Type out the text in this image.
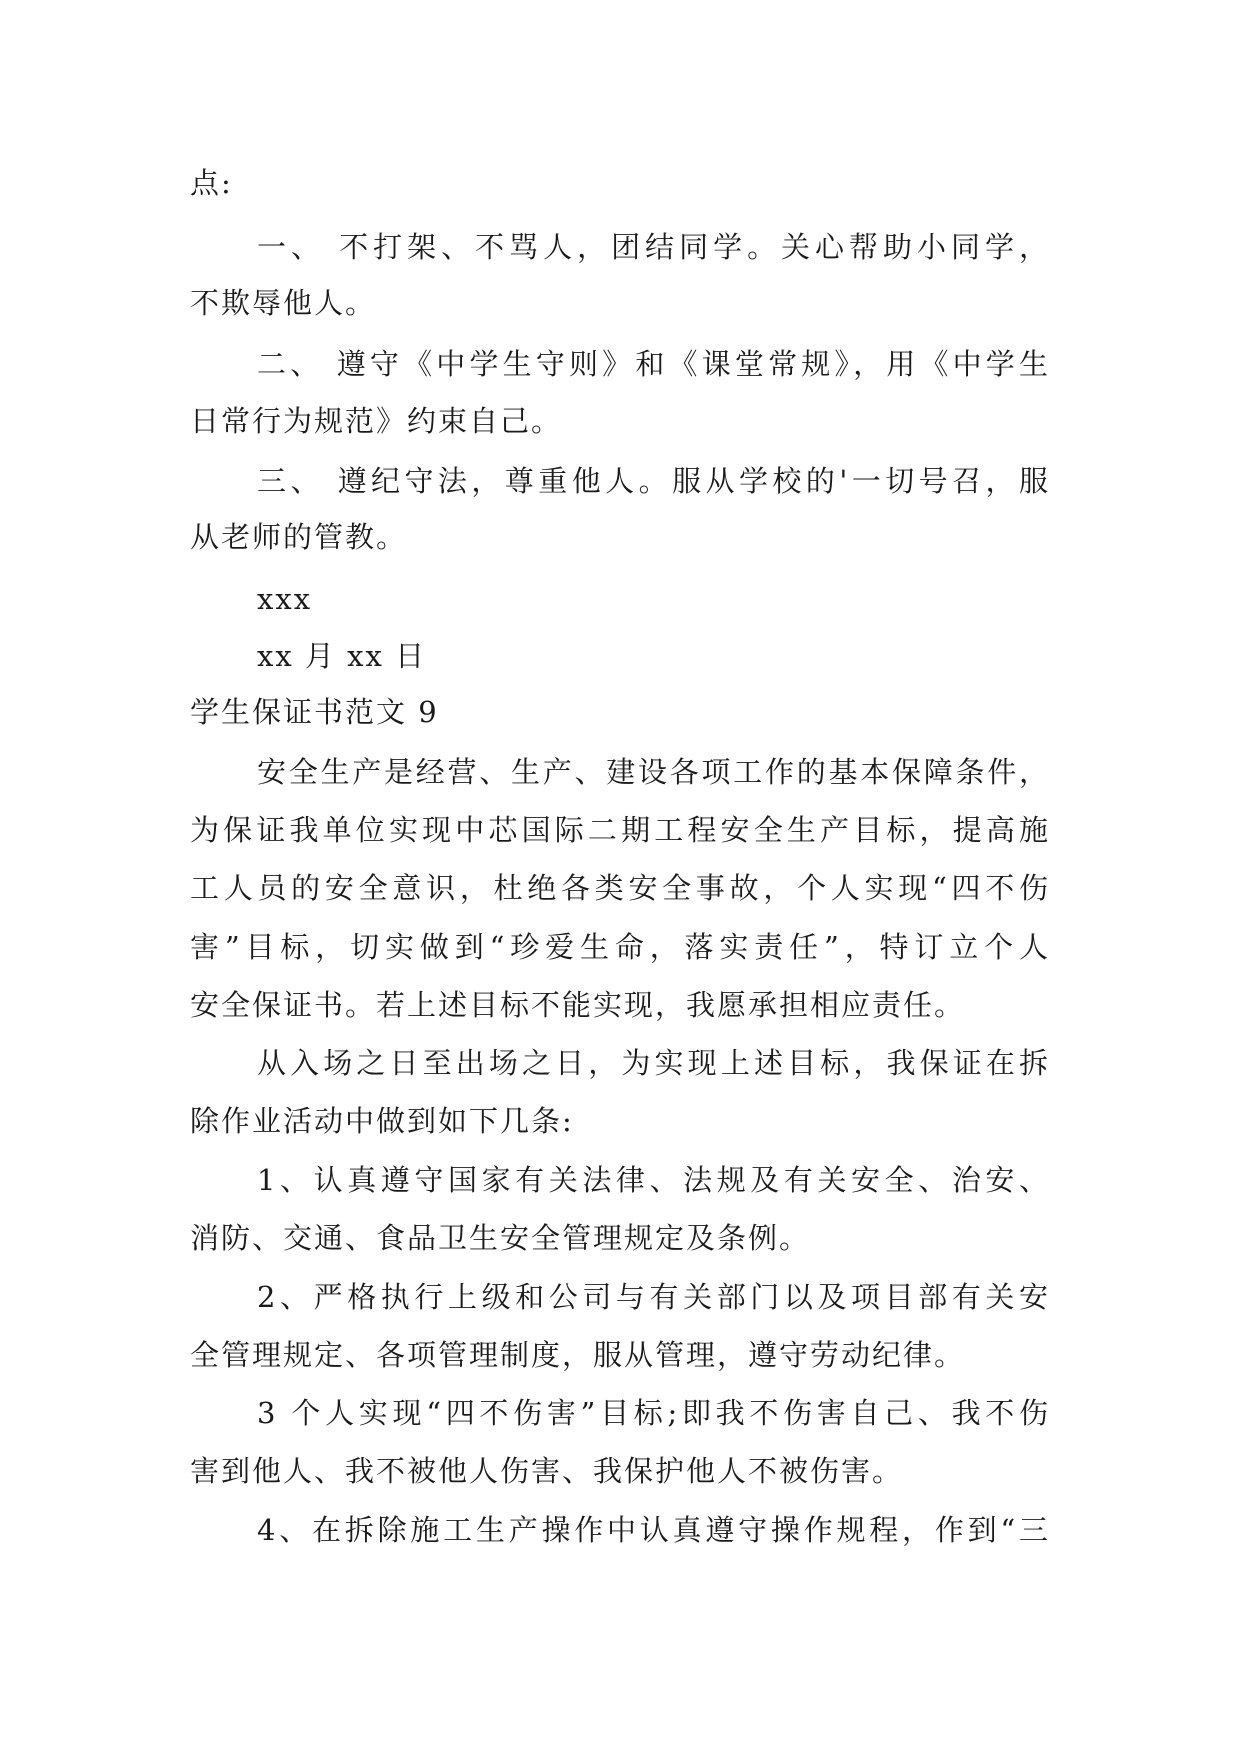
点:
一、 不打架、不骂人，团结同学。关心帮助小同学，
不欺辱他人。
二、 遵守《中学生守则》和《课堂常规》，用《中学生
日常行为规范》约束自己。
三、 遵纪守法，尊重他人。服从学校的'一切号召，服
从老师的管教。
xxx
xx 月 xx 日
学生保证书范文 9
安全生产是经营、生产、建设各项工作的基本保障条件，
为保证我单位实现中芯国际二期工程安全生产目标，提高施
工人员的安全意识，杜绝各类安全事故，个人实现“四不伤
害”目标，切实做到“珍爱生命，落实责任”，特订立个人
安全保证书。若上述目标不能实现，我愿承担相应责任。
从入场之日至出场之日，为实现上述目标，我保证在拆
除作业活动中做到如下几条:
1、认真遵守国家有关法律、法规及有关安全、治安、
消防、交通、食品卫生安全管理规定及条例。
2、严格执行上级和公司与有关部门以及项目部有关安
全管理规定、各项管理制度，服从管理，遵守劳动纪律。
3 个人实现“四不伤害”目标;即我不伤害自己、我不伤
害到他人、我不被他人伤害、我保护他人不被伤害。
4、在拆除施工生产操作中认真遵守操作规程，作到“三
